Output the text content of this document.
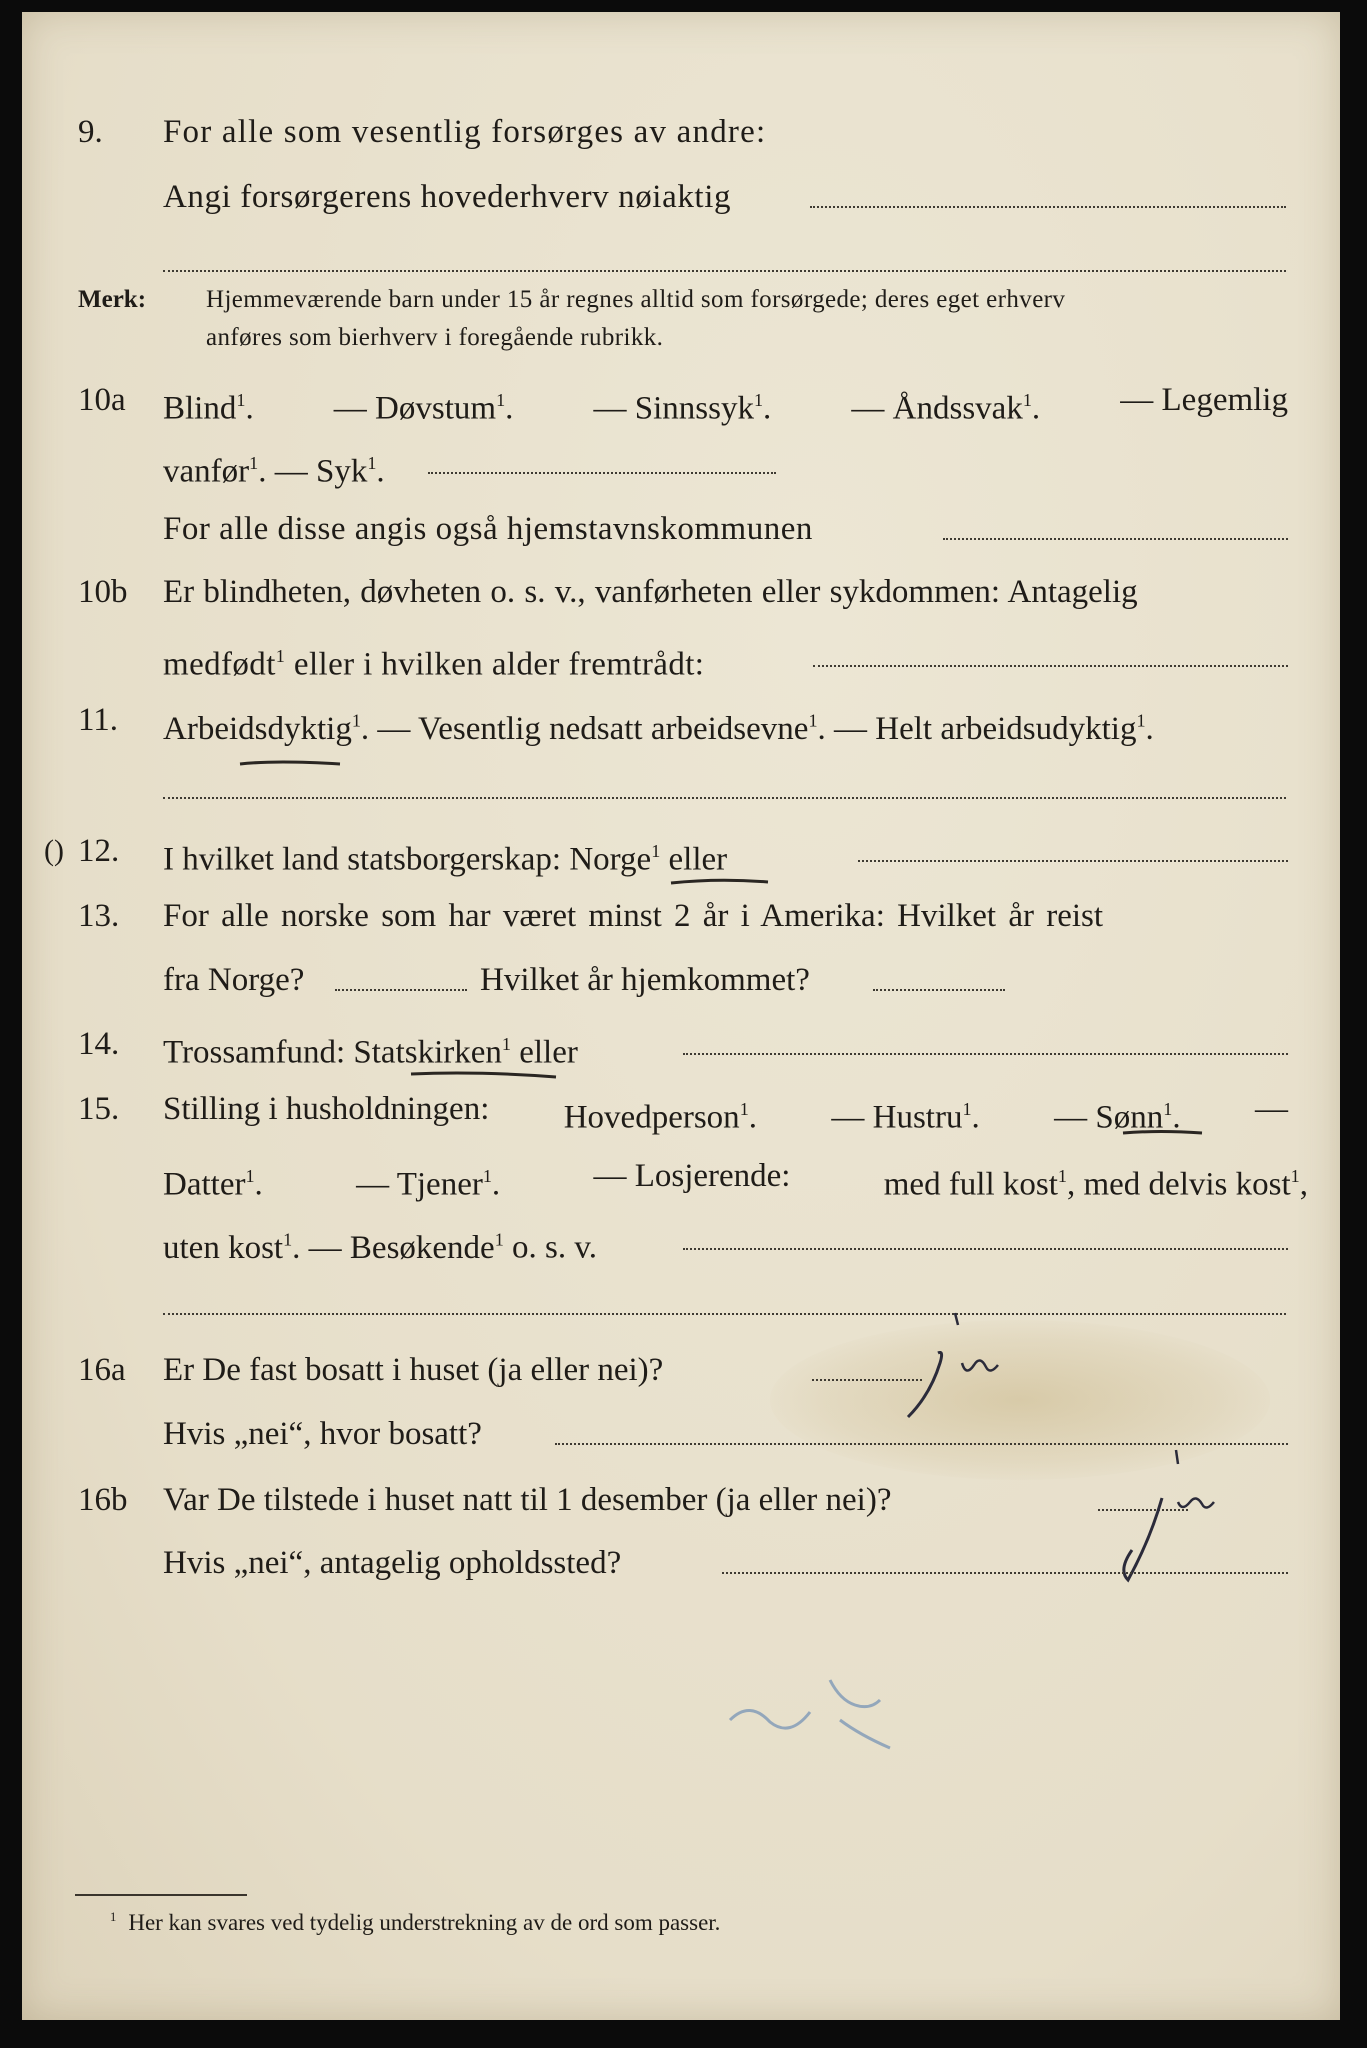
9. For alle som vesentlig forsørges av andre:
Angi forsørgerens hovederhverv nøiaktig
Merk: Hjemmeværende barn under 15 år regnes alltid som forsørgede; deres eget erhverv
anføres som bierhverv i foregående rubrikk.
10a Blind$^1$. — Døvstum$^1$. — Sinnssyk$^1$. — Åndssvak$^1$. — Legemlig
vanfør$^1$. — Syk$^1$.
For alle disse angis også hjemstavnskommunen
10b Er blindheten, døvheten o. s. v., vanførheten eller sykdommen: Antagelig
medfødt$^1$ eller i hvilken alder fremtrådt:
11. Arbeidsdyktig$^1$. — Vesentlig nedsatt arbeidsevne$^1$. — Helt arbeidsudyktig$^1$.
() 12. I hvilket land statsborgerskap: Norge$^1$ eller
13. For alle norske som har været minst 2 år i Amerika: Hvilket år reist
fra Norge?	Hvilket år hjemkommet?
14. Trossamfund: Statskirken$^1$ eller
15. Stilling i husholdningen: Hovedperson$^1$. — Hustru$^1$. — Sønn$^1$. —
Datter$^1$.	— Tjener$^1$.	— Losjerende:	med full kost$^1$, med delvis kost$^1$,
uten kost$^1$. — Besøkende$^1$ o. s. v.
16a Er De fast bosatt i huset (ja eller nei)?
Hvis „nei“, hvor bosatt?
16b Var De tilstede i huset natt til 1 desember (ja eller nei)?
Hvis „nei“, antagelig opholdssted?
$^1$ Her kan svares ved tydelig understrekning av de ord som passer.
